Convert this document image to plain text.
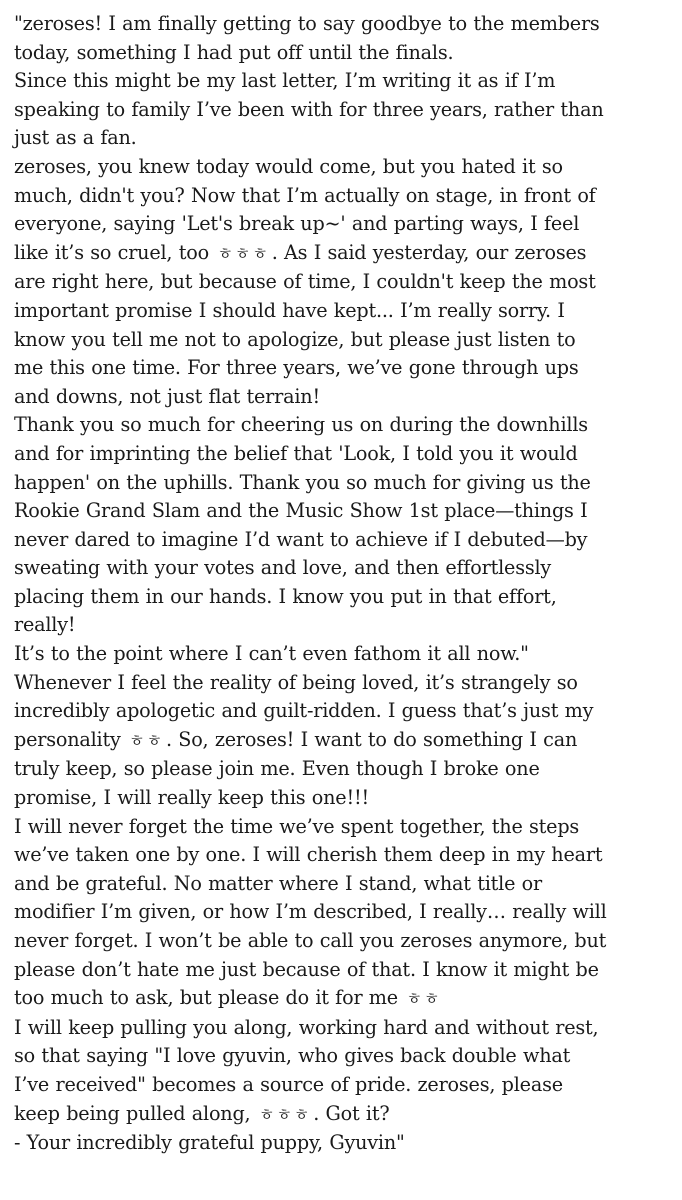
"zeroses! I am finally getting to say goodbye to the members
today, something I had put off until the finals.
Since this might be my last letter, I’m writing it as if I’m
speaking to family I’ve been with for three years, rather than
just as a fan.
zeroses, you knew today would come, but you hated it so
much, didn't you? Now that I’m actually on stage, in front of
everyone, saying 'Let's break up~' and parting ways, I feel
like it’s so cruel, too ㅎㅎㅎ . As I said yesterday, our zeroses
are right here, but because of time, I couldn't keep the most
important promise I should have kept... I’m really sorry. I
know you tell me not to apologize, but please just listen to
me this one time. For three years, we’ve gone through ups
and downs, not just flat terrain!
Thank you so much for cheering us on during the downhills
and for imprinting the belief that 'Look, I told you it would
happen' on the uphills. Thank you so much for giving us the
Rookie Grand Slam and the Music Show 1st place—things I
never dared to imagine I’d want to achieve if I debuted—by
sweating with your votes and love, and then effortlessly
placing them in our hands. I know you put in that effort,
really!
It’s to the point where I can’t even fathom it all now."
Whenever I feel the reality of being loved, it’s strangely so
incredibly apologetic and guilt-ridden. I guess that’s just my
personality ㅎㅎ . So, zeroses! I want to do something I can
truly keep, so please join me. Even though I broke one
promise, I will really keep this one!!!
I will never forget the time we’ve spent together, the steps
we’ve taken one by one. I will cherish them deep in my heart
and be grateful. No matter where I stand, what title or
modifier I’m given, or how I’m described, I really… really will
never forget. I won’t be able to call you zeroses anymore, but
please don’t hate me just because of that. I know it might be
too much to ask, but please do it for me ㅎㅎ
I will keep pulling you along, working hard and without rest,
so that saying "I love gyuvin, who gives back double what
I’ve received" becomes a source of pride. zeroses, please
keep being pulled along, ㅎㅎㅎ . Got it?
- Your incredibly grateful puppy, Gyuvin"
